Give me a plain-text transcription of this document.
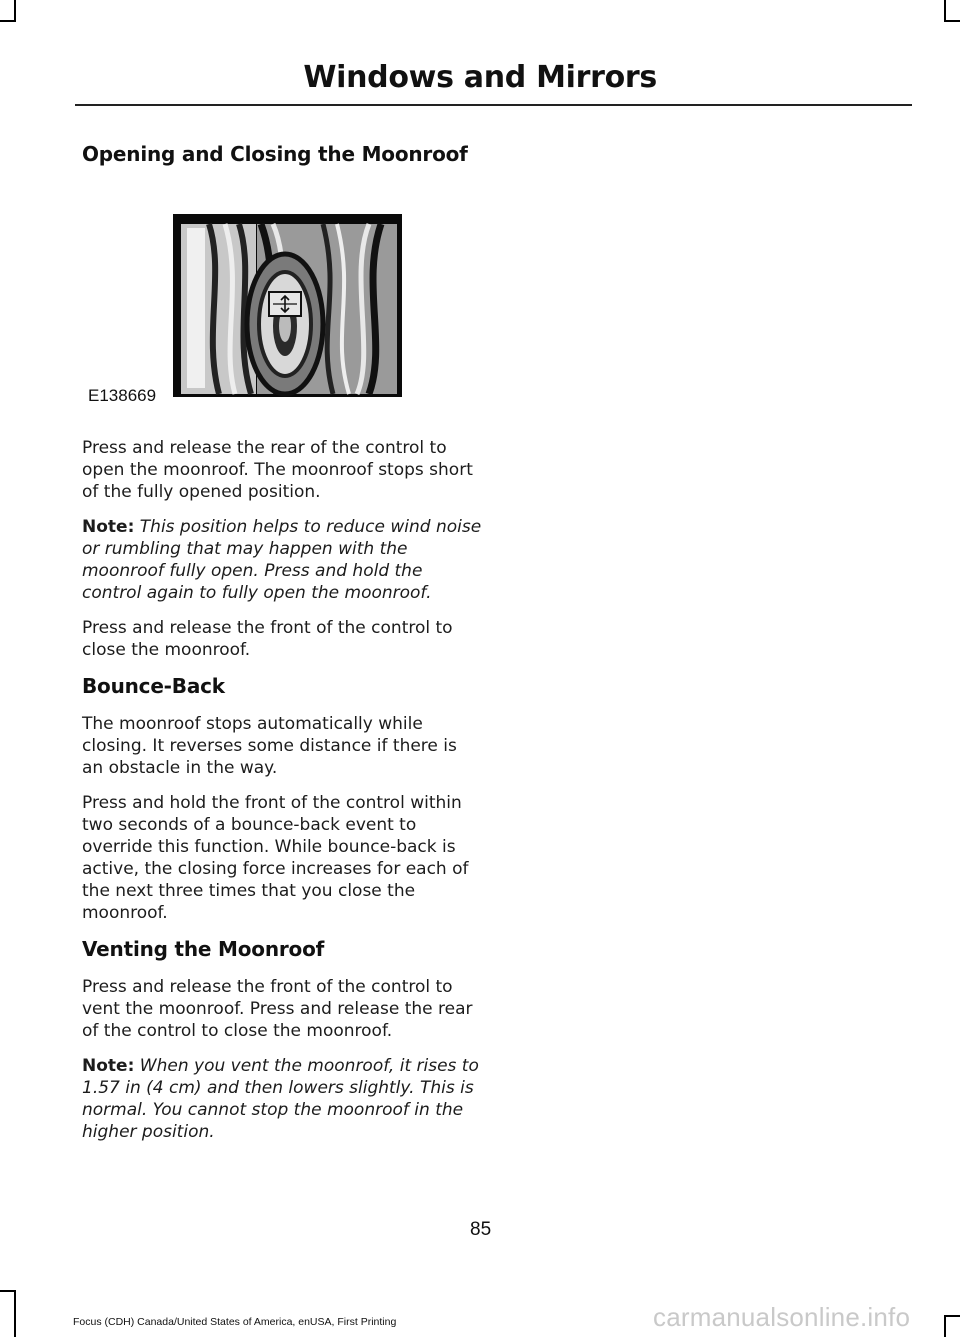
Windows and Mirrors
Opening and Closing the Moonroof
E138669

Press and release the rear of the control to open the moonroof. The moonroof stops short of the fully opened position.

Note: This position helps to reduce wind noise or rumbling that may happen with the moonroof fully open. Press and hold the control again to fully open the moonroof.

Press and release the front of the control to close the moonroof.

Bounce-Back

The moonroof stops automatically while closing. It reverses some distance if there is an obstacle in the way.

Press and hold the front of the control within two seconds of a bounce-back event to override this function. While bounce-back is active, the closing force increases for each of the next three times that you close the moonroof.

Venting the Moonroof

Press and release the front of the control to vent the moonroof. Press and release the rear of the control to close the moonroof.

Note: When you vent the moonroof, it rises to 1.57 in (4 cm) and then lowers slightly. This is normal. You cannot stop the moonroof in the higher position.

85
Focus (CDH) Canada/United States of America, enUSA, First Printing	carmanualsonline.info
